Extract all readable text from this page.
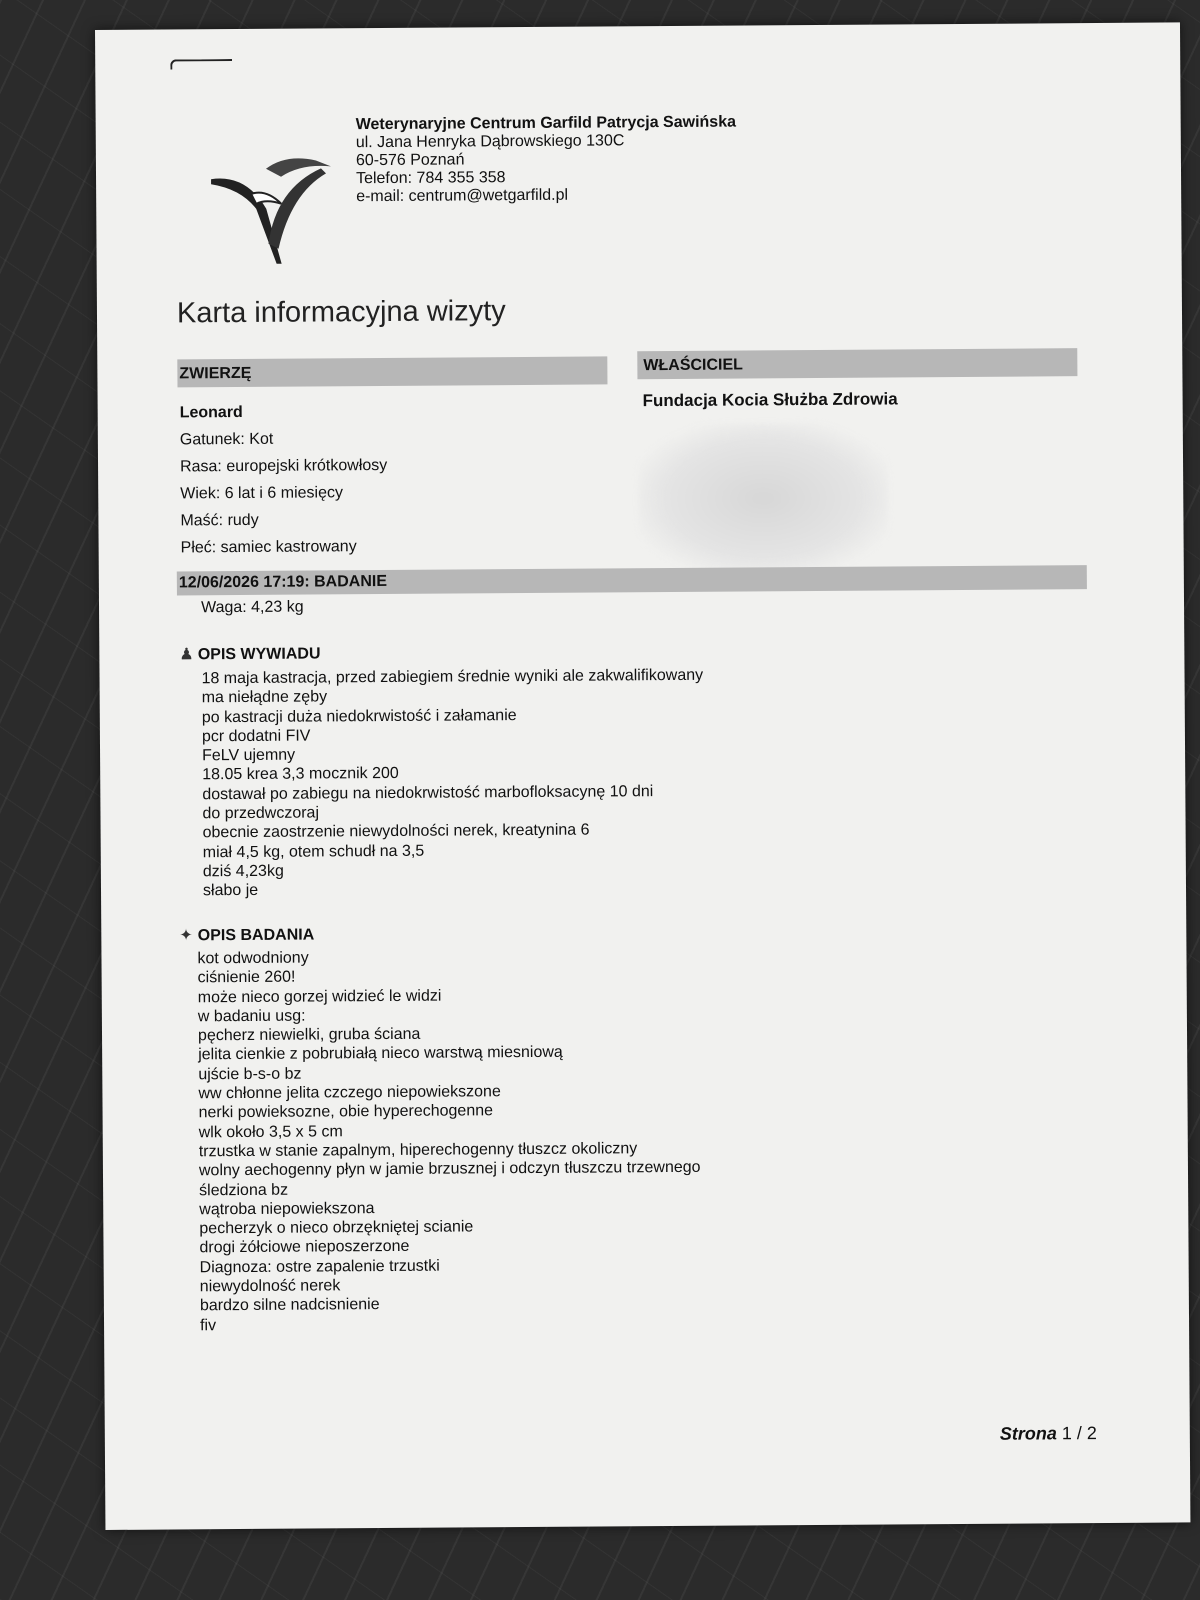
Weterynaryjne Centrum Garfild Patrycja Sawińska
ul. Jana Henryka Dąbrowskiego 130C
60-576 Poznań
Telefon: 784 355 358
e-mail: centrum@wetgarfild.pl
Karta informacyjna wizyty
ZWIERZĘ	WŁAŚCICIEL
Leonard
Gatunek: Kot
Rasa: europejski krótkowłosy
Wiek: 6 lat i 6 miesięcy
Maść: rudy
Płeć: samiec kastrowany
Fundacja Kocia Służba Zdrowia
12/06/2026 17:19: BADANIE
Waga: 4,23 kg
♟ OPIS WYWIADU
18 maja kastracja, przed zabiegiem średnie wyniki ale zakwalifikowany
ma niełądne zęby
po kastracji duża niedokrwistość i załamanie
pcr dodatni FIV
FeLV ujemny
18.05 krea 3,3 mocznik 200
dostawał po zabiegu na niedokrwistość marbofloksacynę 10 dni
do przedwczoraj
obecnie zaostrzenie niewydolności nerek, kreatynina 6
miał 4,5 kg, otem schudł na 3,5
dziś 4,23kg
słabo je
✦ OPIS BADANIA
kot odwodniony
ciśnienie 260!
może nieco gorzej widzieć le widzi
w badaniu usg:
pęcherz niewielki, gruba ściana
jelita cienkie z pobrubiałą nieco warstwą miesniową
ujście b-s-o bz
ww chłonne jelita czczego niepowiekszone
nerki powieksozne, obie hyperechogenne
wlk około 3,5 x 5 cm
trzustka w stanie zapalnym, hiperechogenny tłuszcz okoliczny
wolny aechogenny płyn w jamie brzusznej i odczyn tłuszczu trzewnego
śledziona bz
wątroba niepowiekszona
pecherzyk o nieco obrzękniętej scianie
drogi żółciowe nieposzerzone
Diagnoza: ostre zapalenie trzustki
niewydolność nerek
bardzo silne nadcisnienie
fiv
Strona 1 / 2
